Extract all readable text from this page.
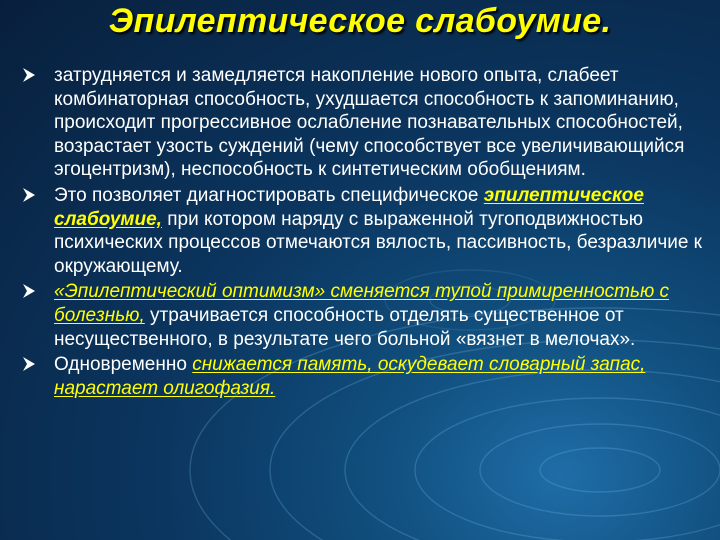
Эпилептическое слабоумие.
затрудняется и замедляется накопление нового опыта, слабеет комбинаторная способность, ухудшается способность к запоминанию, происходит прогрессивное ослабление познавательных способностей, возрастает узость суждений (чему способствует все увеличивающийся эгоцентризм), неспособность к синтетическим обобщениям.
Это позволяет диагностировать специфическое эпилептическое слабоумие, при котором наряду с выраженной тугоподвижностью психических процессов отмечаются вялость, пассивность, безразличие к окружающему.
«Эпилептический оптимизм» сменяется тупой примиренностью с болезнью, утрачивается способность отделять существенное от несущественного, в результате чего больной «вязнет в мелочах».
Одновременно снижается память, оскудевает словарный запас, нарастает олигофазия.
